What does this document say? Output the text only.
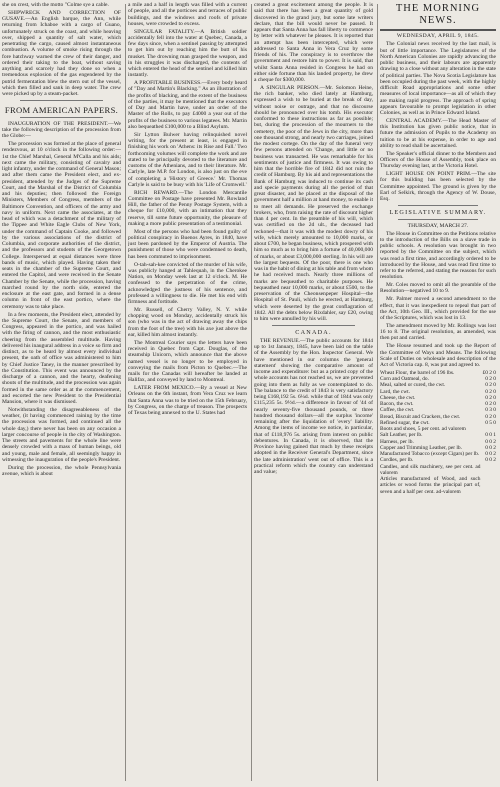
she on crest, with the motto "Colme sye a cable.

SHIPWRECK AND CORRECTION OF GUSAVE.—An English barque, the Ann, while returning from Ichaboe with a cargo of Guano, unfortunately struck on the coast, and while heaving over, shipped a quantity of salt water, which penetrating the cargo, caused almost instantaneous combustion. A volume of smoke rising through the fore hatchway warned the crew of their danger, and ordered their taking to the boat, without saving anything and scarcely had they done so when a tremendous explosion of the gas engendered by the putrid fermentation blew the stern out of the vessel, which then filled and sank in deep water. The crew were picked up by a steam-packet.

FROM AMERICAN PAPERS.

INAUGURATION OF THE PRESIDENT.—We take the following description of the procession from the Globe:—

The procession was formed at the place of general rendezvous, at 10 o'clock in the following order:—1st the Chief Marshal, General M'Calla and his aids; next came the military, consisting of cavalry and light infantry, under the command of General Mason; and after them came the President elect, and ex-president, attended by the Judges of the Supreme Court, and the Marshal of the District of Columbia and his deputies; then followed the Foreign Ministers, Members of Congress, members of the Baltimore Convention, and officers of the army and navy in uniform. Next came the associates, at the head of which was a detachment of the military of the Tippee and White Eagle Clubs of New York, under the command of Captain Cooke, and followed by the various associations of the district of Columbia, and corporate authorities of the district, and the professors and students of the Georgetown College. Interspersed at equal distances were three bands of music, which played. Having taken their seats in the chamber of the Supreme Court, and entered the Capitol, and were received in the Senate Chamber by the Senate, while the procession, having marched round by the north side, entered the enclosure at the east gate, and formed in a dense column in front of the east portico, where the ceremony was to take place.

In a few moments, the President elect, attended by the Supreme Court, the Senate, and members of Congress, appeared in the portico, and was hailed with the firing of cannon, and the most enthusiastic cheering from the assembled multitude. Having delivered his inaugural address in a voice so firm and distinct, as to be heard by almost every individual present, the oath of office was administered to him by Chief Justice Taney, in the manner prescribed by the Constitution. This event was announced by the discharge of a cannon, and the hearty, deafening shouts of the multitude, and the procession was again formed in the same order as at the commencement, and escorted the new President to the Presidential Mansion, where it was dismissed.

Notwithstanding the disagreeableness of the weather, (it having commenced raining by the time the procession was formed, and continued all the whole day,) there never has been on any occasion a larger concourse of people in the city of Washington. The streets and pavements for the whole line were densely crowded with a mass of human beings, old and young, male and female, all seemingly happy in witnessing the inauguration of the people's President.

During the procession, the whole Pennsylvania avenue, which is about

a mile and a half in length was filled with a current of people, and all the porticoes and terraces of public buildings, and the windows and roofs of private houses, were crowded to excess.

SINGULAR FATALITY.—A British soldier accidentally fell into the water at Quebec, Canada, a few days since, when a sentinel passing by attempted to get him out by reaching him the butt of his musket. The drowning man grasped the weapon, and in his struggles it was discharged, the contents of which entered the head of the sentinel and killed him instantly.

A PROFITABLE BUSINESS.—Every body heard of "Day and Martin's Blacking." As an illustration of the profits of blacking, and the extent of the business of the parties, it may be mentioned that the executors of Day and Martin have, under an order of the Master of the Rolls, to pay £4000 a year out of the profits of the business to various legatees. Mr. Martin also bequeathed £100,000 to a Blind Asylum.

Sir Lytton Bulwer having relinquished novel writing, for the present at least, is engaged in finishing his work on 'Athens: its Rise and Fall.' Two forthcoming volumes will complete the work and are stated to be principally devoted to the literature and customs of the Athenians, and to their literature. Mr. Carlyle, late M.P. for London, is also just on the eve of completing a 'History of Greece.' Mr. Thomas Carlyle is said to be busy with his 'Life of Cromwell.'

RICH REWARD.—The London Mercantile Committee on Postage have presented Mr. Rowland Hill, the father of the Penny Postage System, with a cheque for £10,000, with an intimation that they reserve, till some future opportunity, the pleasure of making a more public presentation of a testimonial.

Most of the persons who had been found guilty of political conspiracy in Buenos Ayres, in 1840, have just been pardoned by the Emperor of Austria. The punishment of those who were condemned to death, has been commuted to imprisonment.

O-tah-sah-kee convicted of the murder of his wife, was publicly hanged at Tahlequah, in the Cherokee Nation, on Monday week last at 12 o'clock. M. He confessed to the perpetration of the crime, acknowledged the justness of his sentence, and professed a willingness to die. He met his end with firmness and fortitude.

Mr. Russell, of Cherry Valley, N. Y. while chopping wood on Monday, accidentally struck his son (who was in the act of drawing away the chips from the foot of the tree) with his axe just above the ear, killed him almost instantly.

The Montreal Courier says the letters have been received in Quebec from Capt. Douglas, of the steamship Unicorn, which announce that the above named vessel is no longer to be employed in conveying the mails from Picton to Quebec.—The mails for the Canadas will hereafter be landed at Halifax, and conveyed by land to Montreal.

LATER FROM MEXICO.—By a vessel at New Orleans on the 6th instant, from Vera Cruz we learn that Santa Anna was to be tried on the 15th February, by Congress, on the charge of treason. The prospects of Texas being annexed to the U. States had

created a great excitement among the people. It is said that there has been a great quantity of gold discovered in the grand jury, but some late writers declare, that the bill would never be passed. It appears that Santa Anna has fall liberty to commence by letter with whatever he pleases. It is reported that an attempt has been intercepted, which were addressed to Santa Anna in Vera Cruz by some friends of his. The conspiracy is to overthrow the government and restore him to power. It is said, that whilst Santa Anna resided in Congress he had on either side fortune than his landed property, he drew a cheque for $300,000.

A SINGULAR PERSON.—Mr. Solomon Heine, the rich banker, who died lately at Hamburg, expressed a wish to be buried at the break of day, without noise or outrage, and that no discourse should be pronounced over his tomb. His executor conformed to these instructions as far as possible; but, during the procession of the mourners to the cemetery, the poor of the Jews in the city, more than one thousand strong, and nearly two carriages, joined the modest cortege. On the day of the funeral very few persons attended on 'Change, and little or no business was transacted. He was remarkable for his sentiments of justice and firmness. It was owing to him that the horrible fire of 1842 did not ruin the credit of Hamburg. By his aid and representations the Bank of Hamburg was induced to continue its cash and specie payments during all the period of that great disaster, and he placed at the disposal of the government half a million at hand money, to enable it to meet all demands. He preserved the exchange brokers, who, from raising the rate of discount higher than 4 per cent. In the preamble of his will, which was certified on the 2d ult., the deceased had reckoned—that it was with the modest dowry of his wife, which merely amounted to 10,000 marks, or about £700, he began business, which prospered with him so much as to bring him a fortune of 40,000,000 of marks, or about £3,000,000 sterling. In his will are the largest bequests. Of the poor, there is one who was in the habit of dining at his table and from whom he had received much. Nearly three millions of marks are bequeathed to charitable purposes. He bequeathed near 10,000 marks, or about £500, to the preservation of the Cheonsenpeper Hospital—the Hospital of St. Pauli, which he erected, at Hamburg, which were deserted by the great conflagration of 1842. All the debts below Rixdahler, say £20, owing to him were annulled by his will.

CANADA.

THE REVENUE.—The public accounts for 1844 up to 1st January, 1845, have been laid on the table of the Assembly by the Hon. Inspector General. We have mentioned in our columns the 'general statement' showing the comparative amount of income and expenditure: but as a printed copy of the whole accounts has not reached us, we are prevented going into them as fully as we contemplated to do. The balance to the credit of 1843 is very satisfactory being £168,192 5s. 6¼d. while that of 1844 was only £115,235 5s. 9½d.—a difference in favour of '44 of nearly seventy-five thousand pounds, or three hundred thousand dollars—all the surplus 'income' remaining after the liquidation of 'every' liability. Among the items of income we notice, in particular, that of £118,976 5s. arising from interest on public debentures. In Canada, it is observed, that the Province having gained that much by these receipts adopted in the Receiver General's Department, since the late administration' went out of office. This is a practical reform which the country can understand and value;

THE MORNING NEWS.
WEDNESDAY, APRIL 9, 1845.

The Colonial news received by the last mail, is but of little importance. The Legislatures of the North American Colonies are rapidly advancing the public business, and their labours are apparently drawing to a close without any alteration in the state of political parties. The Nova Scotia Legislature has been occupied during the past week, with the highly difficult Road appropriations and some other measures of local importance—as all of which they are making rapid progress. The approach of spring appears favourable to prompt legislation in other Colonies, as well as in Prince Edward Island.

CENTRAL ACADEMY.—The Head Master of this Institution has given public notice, that in future the admission of Pupils to the Academy on tuition to be at his expense, in order to age and ability to read shall be ascertained.

The Speaker's official dinner to the Members and Officers of the House of Assembly, took place on Thursday evening last, at the Victoria Hotel.

LIGHT HOUSE ON POINT PRIM.—The site for this building has been selected by the Committee appointed. The ground is given by the Earl of Selkirk, through the Agency of W. Douse, Esq.

LEGISLATIVE SUMMARY.

THURSDAY, MARCH 27.

The House in Committee on the Petitions relative to the introduction of the Bills on a slave trade in public schools. A resolution was brought in two reported by the Committee on the subject, which was read a first time, and accordingly ordered to be introduced by the House, and was read first time to refer to the referred, and stating the reasons for such resolution.

Mr. Coles moved to omit all the preamble of the Resolution—negatived 10 to 9.

Mr. Palmer moved a second amendment to the effect, that it was inexpedient to repeal that part of the Act, 10th Geo. III., which provided for the use of the Scriptures, which was lost in 13.

The amendment moved by Mr. Rollings was lost 16 to 8. The original resolution, as amended, was then put and carried.

The House resumed and took up the Report of the Committee of Ways and Means. The following Scale of Duties on wholesale and description of the Act of Victoria cap. 8, was put and agreed to.

Wheat Flour, the barrel of 196 lbs.	£0 2 0
Corn and Oatmeal, do.	0 2 0
Meal, salted or cured, the cwt.	0 2 0
Lard, the cwt.	0 2 0
Cheese, the cwt.	0 2 0
Bacon, the cwt.	0 2 0
Coffee, the cwt.	0 3 0
Bread, Biscuit and Crackers, the cwt.	0 2 0
Refined sugar, the cwt.	0 5 0
Boots and shoes, 5 per cent. ad valorem	
Salt Leather, per lb.	0 0 1
Harness, per lb.	0 0 2
Copper and Trimming Leather, per lb.	0 0 2
Manufactured Tobacco (except Cigars) per lb.	0 0 2
Cordles, per lb.	0 0 2
Candles, and silk machinery, see per cent. ad valorem	
Articles manufactured of Wood, and such articles or wood forms the principal part of, seven and a half per cent. ad-valorem	
